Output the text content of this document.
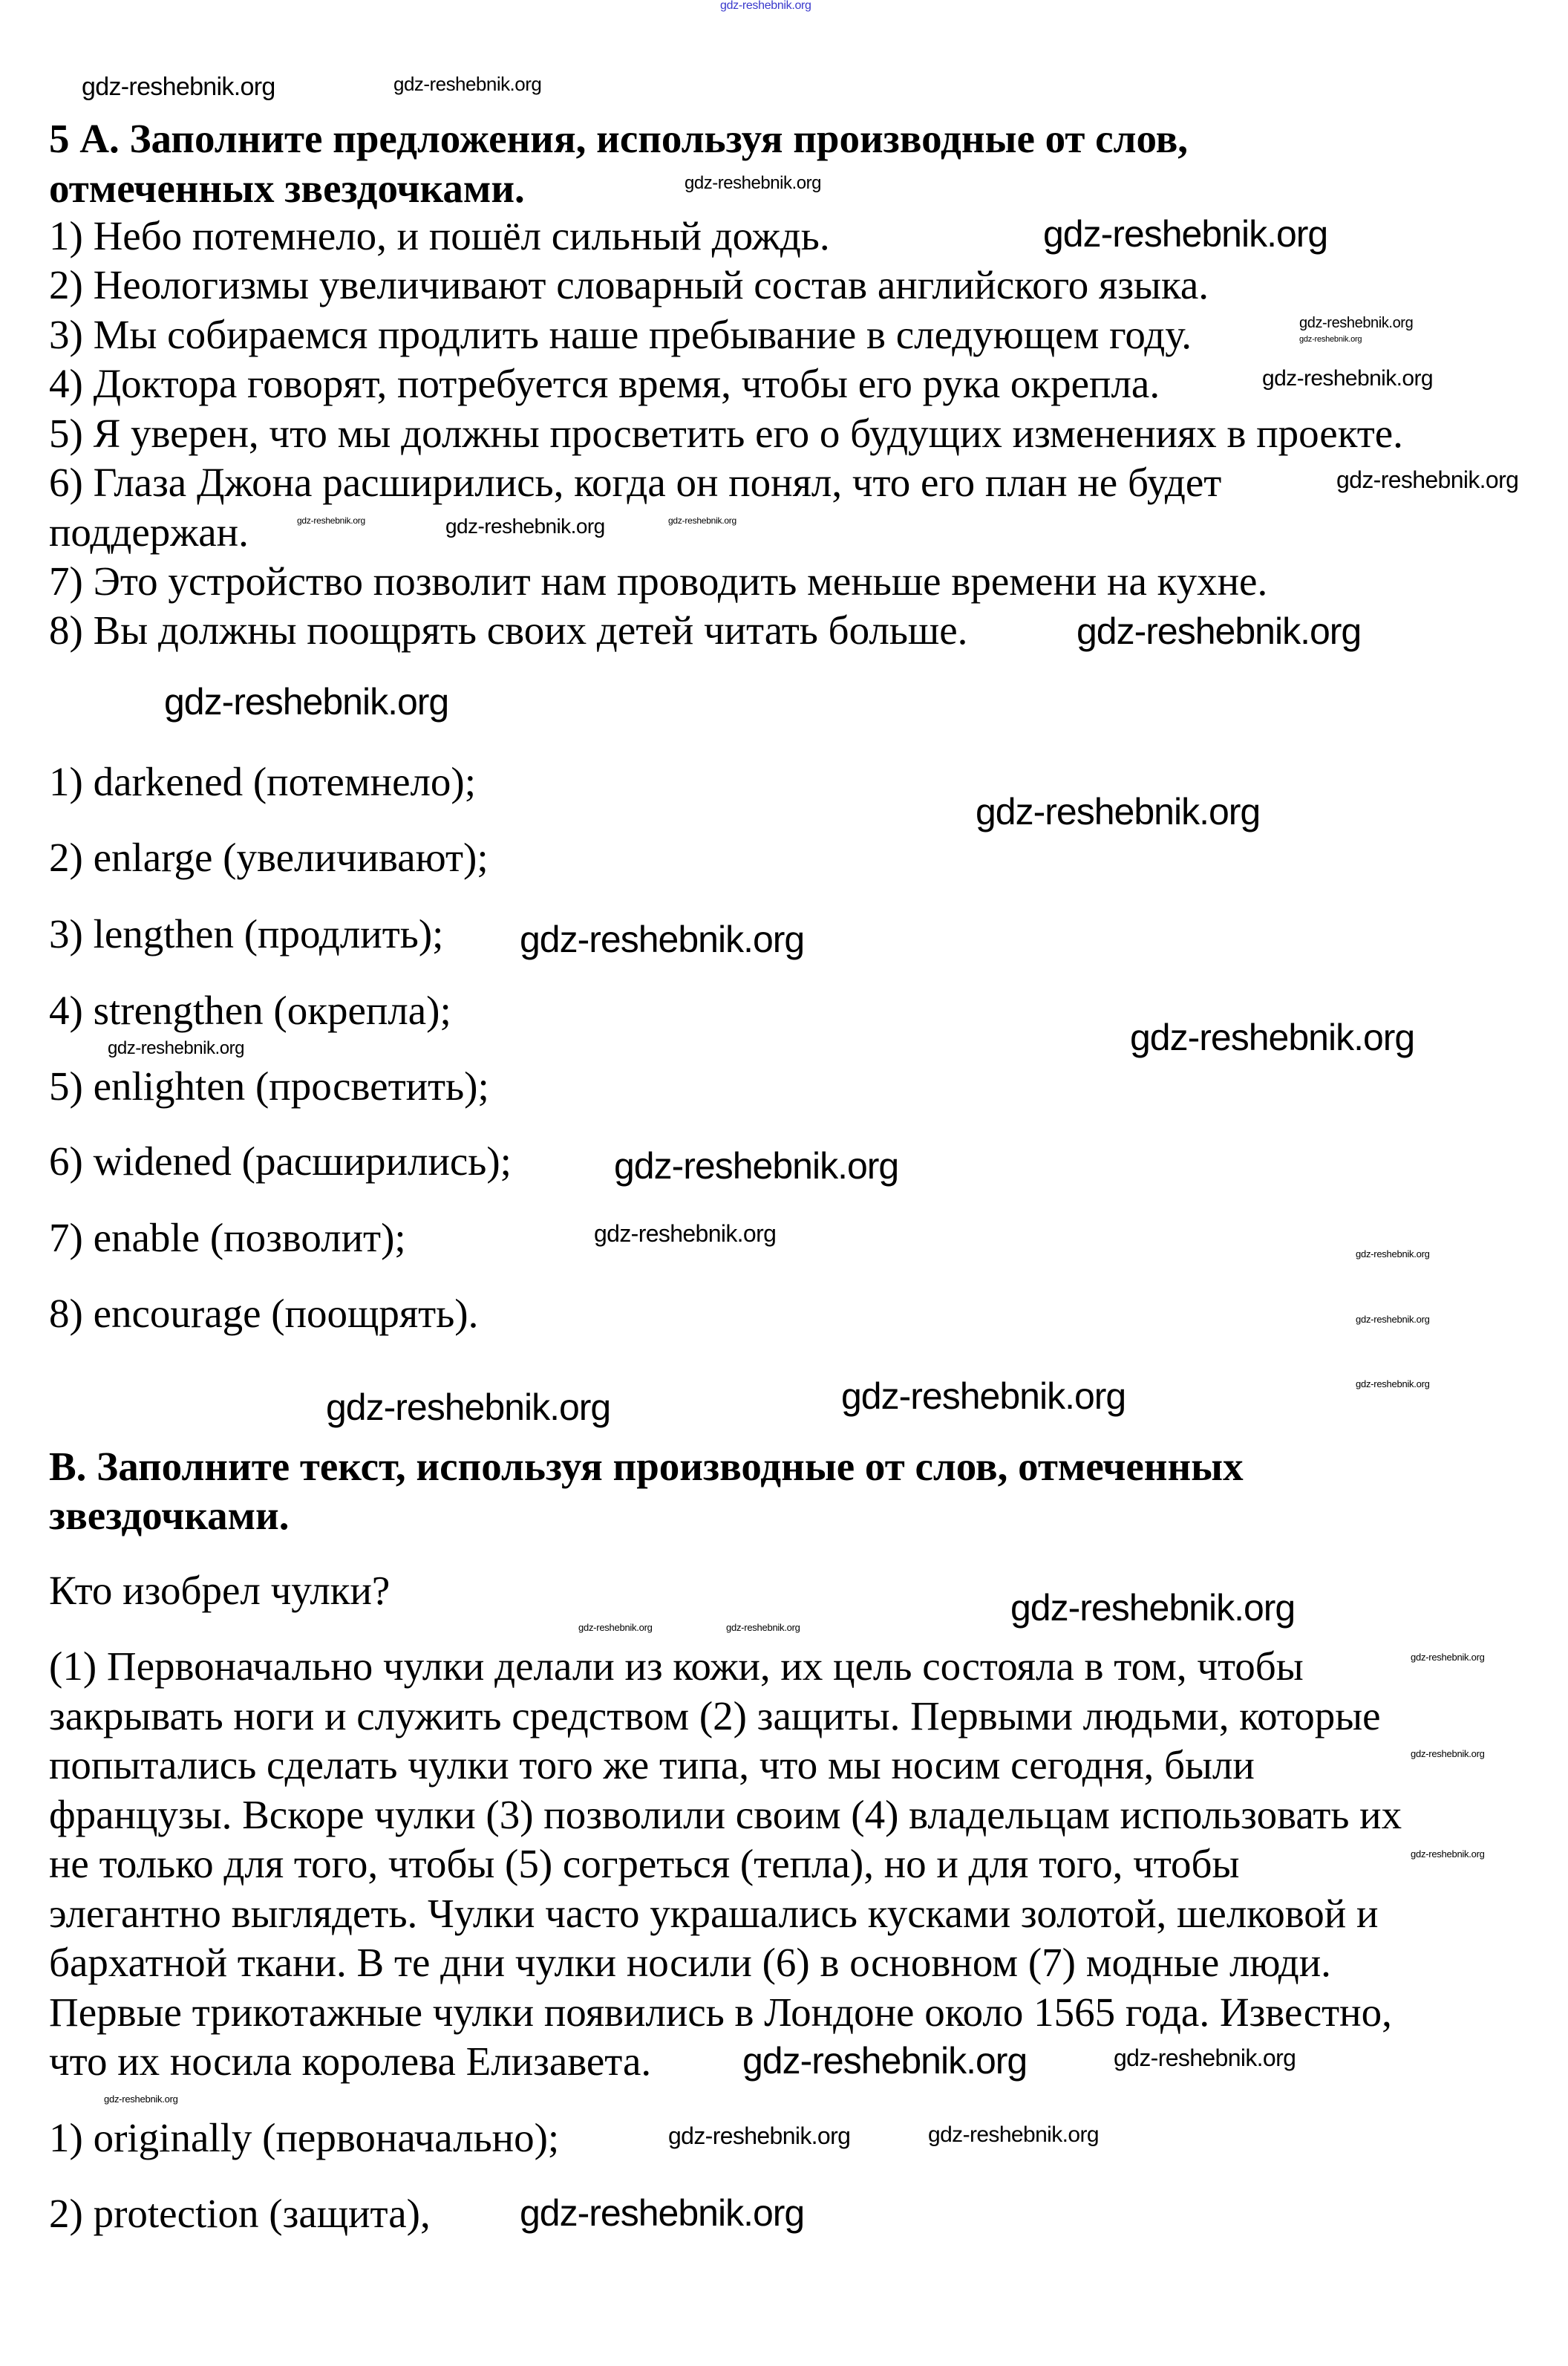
5 А. Заполните предложения, используя производные от слов,
отмеченных звездочками.
1) Небо потемнело, и пошёл сильный дождь.
2) Неологизмы увеличивают словарный состав английского языка.
3) Мы собираемся продлить наше пребывание в следующем году.
4) Доктора говорят, потребуется время, чтобы его рука окрепла.
5) Я уверен, что мы должны просветить его о будущих изменениях в проекте.
6) Глаза Джона расширились, когда он понял, что его план не будет
поддержан.
7) Это устройство позволит нам проводить меньше времени на кухне.
8) Вы должны поощрять своих детей читать больше.
1) darkened (потемнело);
2) enlarge (увеличивают);
3) lengthen (продлить);
4) strengthen (окрепла);
5) enlighten (просветить);
6) widened (расширились);
7) enable (позволит);
8) encourage (поощрять).
В. Заполните текст, используя производные от слов, отмеченных
звездочками.
Кто изобрел чулки?
(1) Первоначально чулки делали из кожи, их цель состояла в том, чтобы
закрывать ноги и служить средством (2) защиты. Первыми людьми, которые
попытались сделать чулки того же типа, что мы носим сегодня, были
французы. Вскоре чулки (3) позволили своим (4) владельцам использовать их
не только для того, чтобы (5) согреться (тепла), но и для того, чтобы
элегантно выглядеть. Чулки часто украшались кусками золотой, шелковой и
бархатной ткани. В те дни чулки носили (6) в основном (7) модные люди.
Первые трикотажные чулки появились в Лондоне около 1565 года. Известно,
что их носила королева Елизавета.
1) originally (первоначально);
2) protection (защита),
gdz-reshebnik.org
gdz-reshebnik.org	gdz-reshebnik.org
gdz-reshebnik.org
gdz-reshebnik.org
gdz-reshebnik.org
gdz-reshebnik.org
gdz-reshebnik.org
gdz-reshebnik.org
gdz-reshebnik.org	gdz-reshebnik.org	gdz-reshebnik.org
gdz-reshebnik.org
gdz-reshebnik.org
gdz-reshebnik.org
gdz-reshebnik.org
gdz-reshebnik.org
gdz-reshebnik.org
gdz-reshebnik.org
gdz-reshebnik.org
gdz-reshebnik.org
gdz-reshebnik.org
gdz-reshebnik.org
gdz-reshebnik.org
gdz-reshebnik.org
gdz-reshebnik.org
gdz-reshebnik.org	gdz-reshebnik.org
gdz-reshebnik.org
gdz-reshebnik.org
gdz-reshebnik.org
gdz-reshebnik.org	gdz-reshebnik.org
gdz-reshebnik.org
gdz-reshebnik.org	gdz-reshebnik.org
gdz-reshebnik.org
